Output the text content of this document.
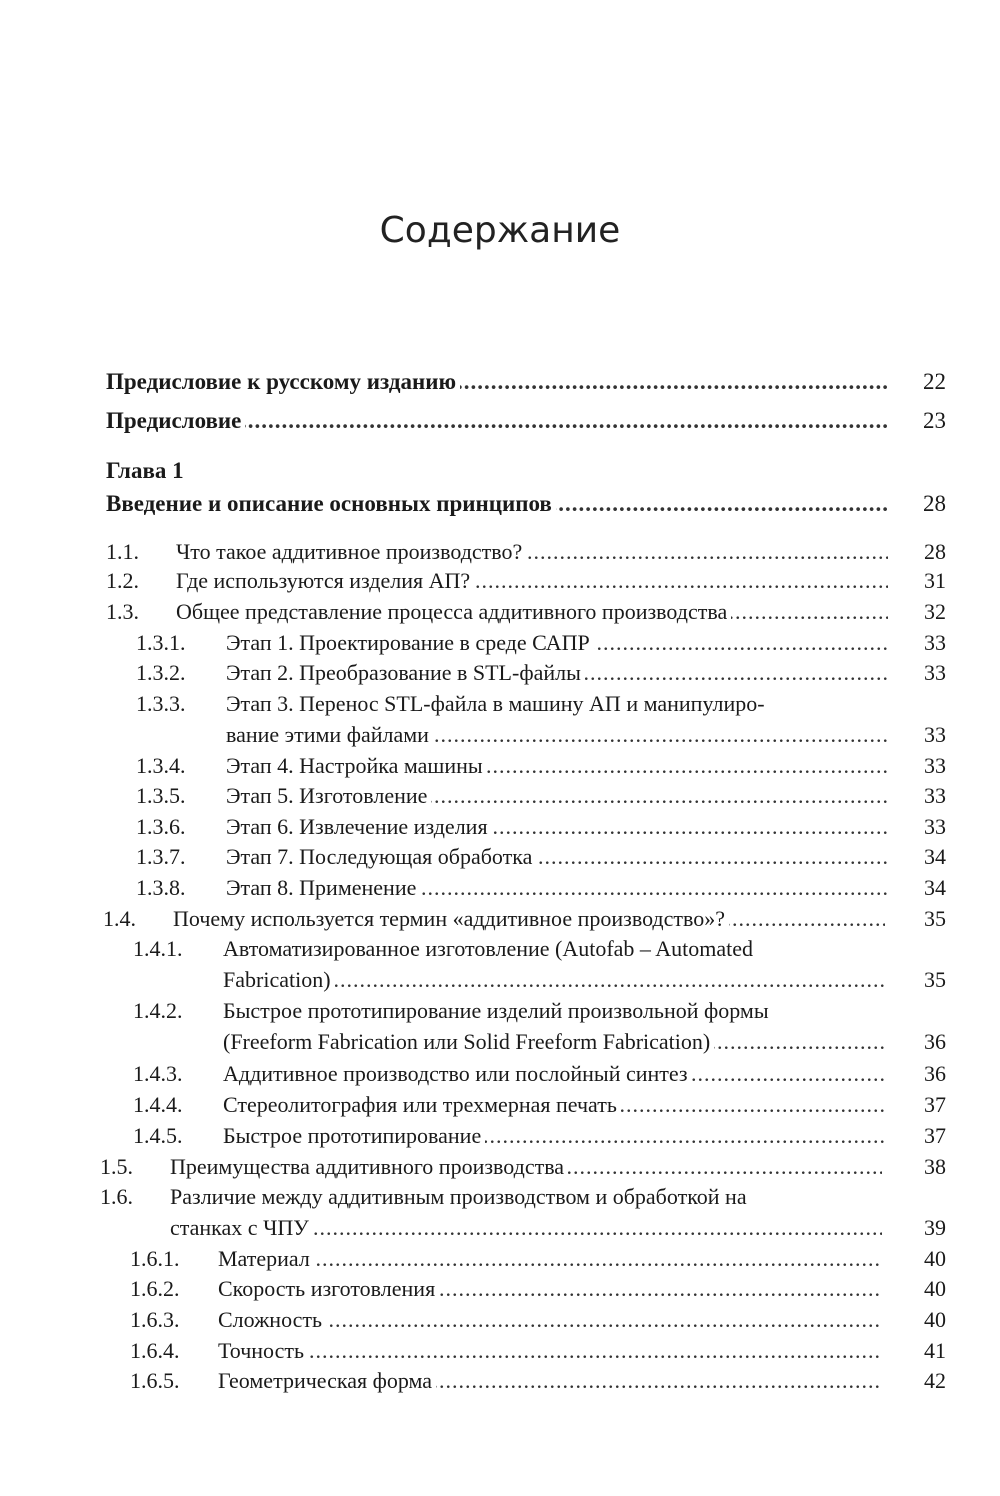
Содержание
Предисловие к русскому изданию .....	22
Предисловие .....	23
Глава 1
Введение и описание основных принципов .....	28
1.1. Что такое аддитивное производство? .....	28
1.2. Где используются изделия АП? .....	31
1.3. Общее представление процесса аддитивного производства .....	32
1.3.1. Этап 1. Проектирование в среде САПР .....	33
1.3.2. Этап 2. Преобразование в STL-файлы .....	33
1.3.3. Этап 3. Перенос STL-файла в машину АП и манипулиро-
вание этими файлами .....	33
1.3.4. Этап 4. Настройка машины .....	33
1.3.5. Этап 5. Изготовление .....	33
1.3.6. Этап 6. Извлечение изделия .....	33
1.3.7. Этап 7. Последующая обработка .....	34
1.3.8. Этап 8. Применение .....	34
1.4. Почему используется термин «аддитивное производство»? .....	35
1.4.1. Автоматизированное изготовление (Autofab – Automated
Fabrication) .....	35
1.4.2. Быстрое прототипирование изделий произвольной формы
(Freeform Fabrication или Solid Freeform Fabrication) .....	36
1.4.3. Аддитивное производство или послойный синтез .....	36
1.4.4. Стереолитография или трехмерная печать .....	37
1.4.5. Быстрое прототипирование .....	37
1.5. Преимущества аддитивного производства .....	38
1.6. Различие между аддитивным производством и обработкой на
станках с ЧПУ .....	39
1.6.1. Материал .....	40
1.6.2. Скорость изготовления .....	40
1.6.3. Сложность .....	40
1.6.4. Точность .....	41
1.6.5. Геометрическая форма .....	42
